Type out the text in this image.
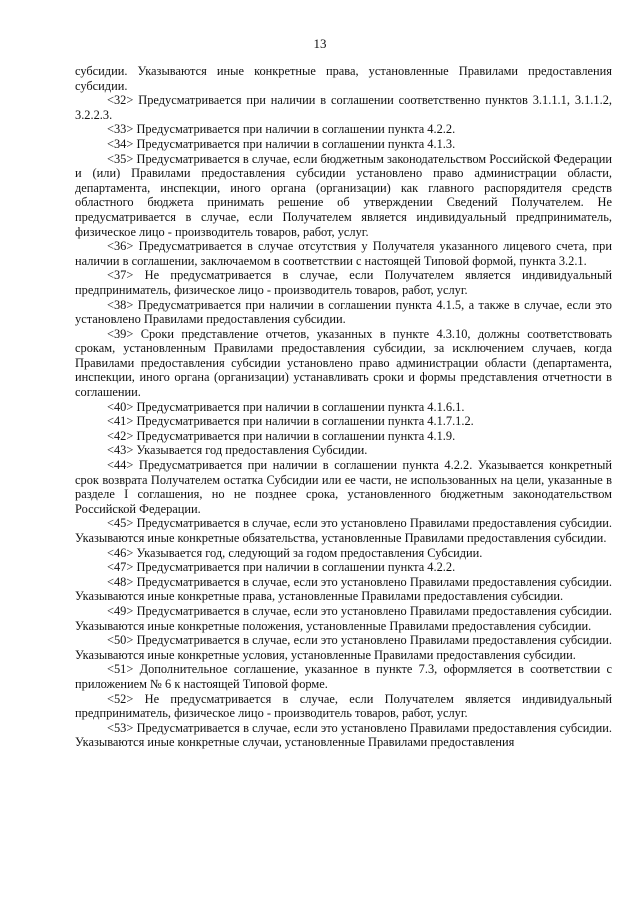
13

субсидии. Указываются иные конкретные права, установленные Правилами предоставления субсидии.

<32> Предусматривается при наличии в соглашении соответственно пунктов 3.1.1.1, 3.1.1.2, 3.2.2.3.

<33> Предусматривается при наличии в соглашении пункта 4.2.2.

<34> Предусматривается при наличии в соглашении пункта 4.1.3.

<35> Предусматривается в случае, если бюджетным законодательством Российской Федерации и (или) Правилами предоставления субсидии установлено право администрации области, департамента, инспекции, иного органа (организации) как главного распорядителя средств областного бюджета принимать решение об утверждении Сведений Получателем. Не предусматривается в случае, если Получателем является индивидуальный предприниматель, физическое лицо - производитель товаров, работ, услуг.

<36> Предусматривается в случае отсутствия у Получателя указанного лицевого счета, при наличии в соглашении, заключаемом в соответствии с настоящей Типовой формой, пункта 3.2.1.

<37> Не предусматривается в случае, если Получателем является индивидуальный предприниматель, физическое лицо - производитель товаров, работ, услуг.

<38> Предусматривается при наличии в соглашении пункта 4.1.5, а также в случае, если это установлено Правилами предоставления субсидии.

<39> Сроки представление отчетов, указанных в пункте 4.3.10, должны соответствовать срокам, установленным Правилами предоставления субсидии, за исключением случаев, когда Правилами предоставления субсидии установлено право администрации области (департамента, инспекции, иного органа (организации) устанавливать сроки и формы представления отчетности в соглашении.

<40> Предусматривается при наличии в соглашении пункта 4.1.6.1.

<41> Предусматривается при наличии в соглашении пункта 4.1.7.1.2.

<42> Предусматривается при наличии в соглашении пункта 4.1.9.

<43> Указывается год предоставления Субсидии.

<44> Предусматривается при наличии в соглашении пункта 4.2.2. Указывается конкретный срок возврата Получателем остатка Субсидии или ее части, не использованных на цели, указанные в разделе I соглашения, но не позднее срока, установленного бюджетным законодательством Российской Федерации.

<45> Предусматривается в случае, если это установлено Правилами предоставления субсидии. Указываются иные конкретные обязательства, установленные Правилами предоставления субсидии.

<46> Указывается год, следующий за годом предоставления Субсидии.

<47> Предусматривается при наличии в соглашении пункта 4.2.2.

<48> Предусматривается в случае, если это установлено Правилами предоставления субсидии. Указываются иные конкретные права, установленные Правилами предоставления субсидии.

<49> Предусматривается в случае, если это установлено Правилами предоставления субсидии. Указываются иные конкретные положения, установленные Правилами предоставления субсидии.

<50> Предусматривается в случае, если это установлено Правилами предоставления субсидии. Указываются иные конкретные условия, установленные Правилами предоставления субсидии.

<51> Дополнительное соглашение, указанное в пункте 7.3, оформляется в соответствии с приложением № 6 к настоящей Типовой форме.

<52> Не предусматривается в случае, если Получателем является индивидуальный предприниматель, физическое лицо - производитель товаров, работ, услуг.

<53> Предусматривается в случае, если это установлено Правилами предоставления субсидии. Указываются иные конкретные случаи, установленные Правилами предоставления
